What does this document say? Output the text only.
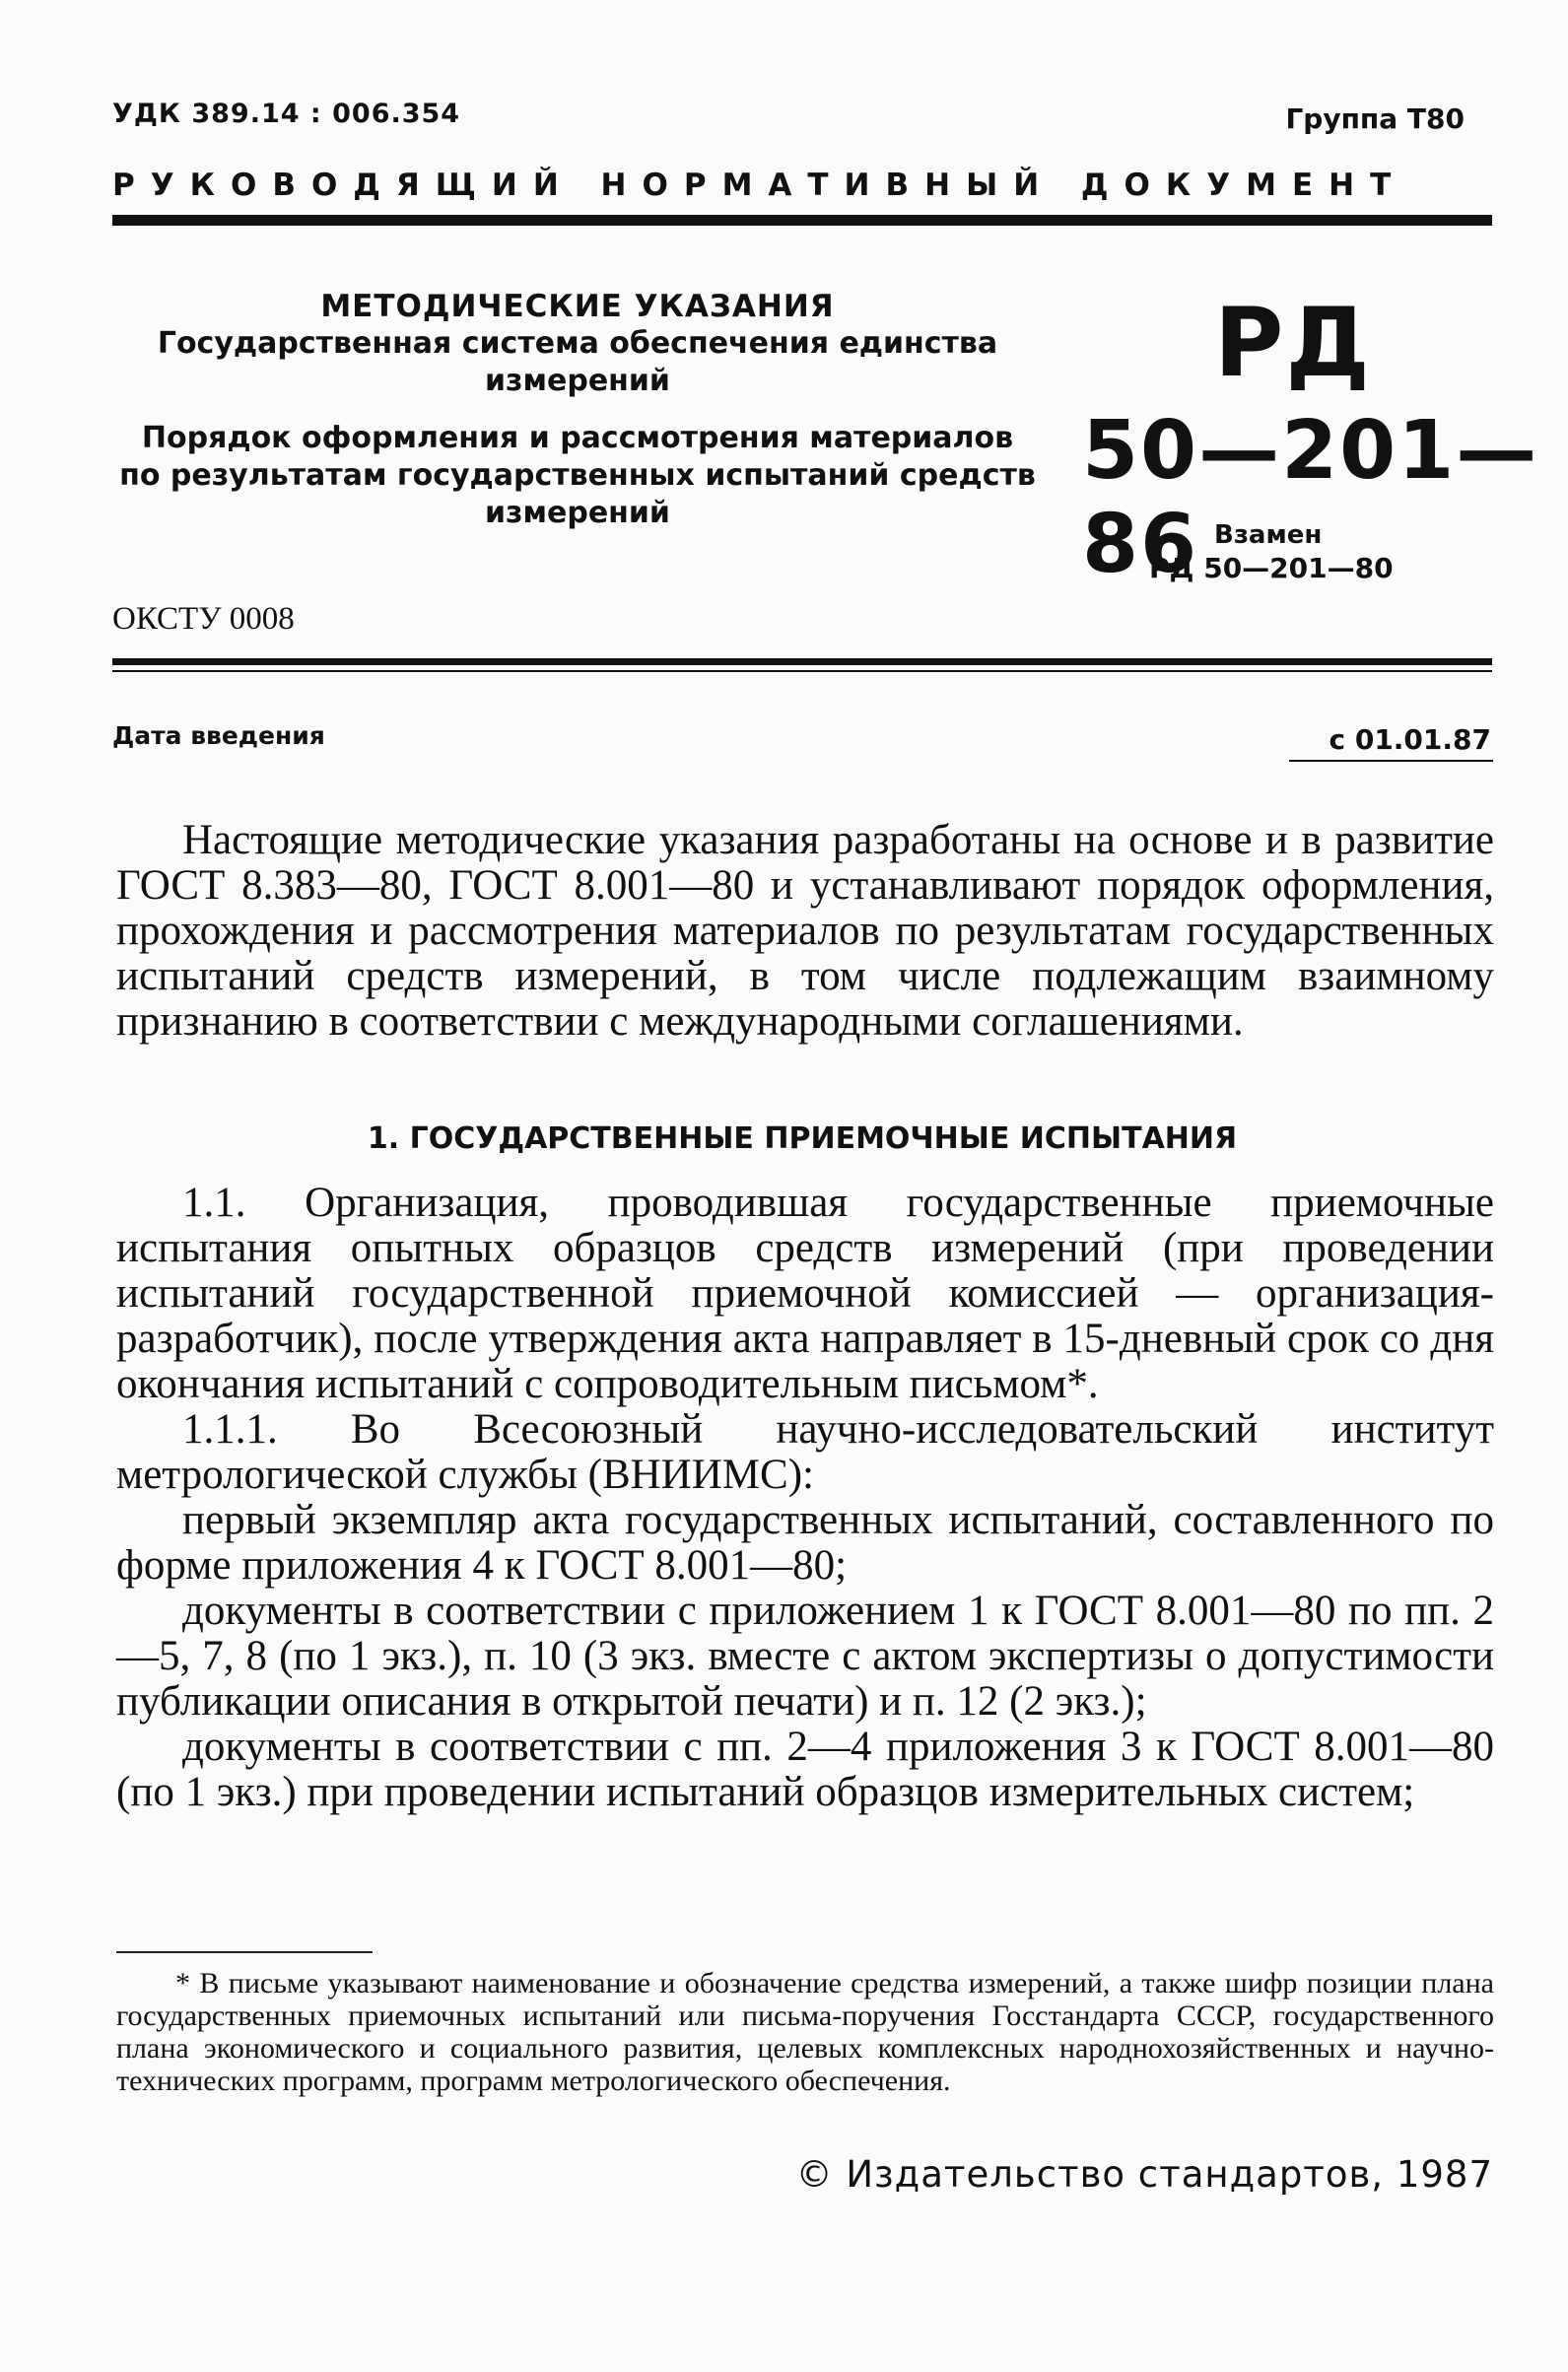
УДК 389.14 : 006.354	Группа Т80
РУКОВОДЯЩИЙ НОРМАТИВНЫЙ ДОКУМЕНТ
МЕТОДИЧЕСКИЕ УКАЗАНИЯ
Государственная система обеспечения единства
измерений
Порядок оформления и рассмотрения материалов
по результатам государственных испытаний средств
измерений
РД
50—201—86 Взамен
РД 50—201—80
ОКСТУ 0008
Дата введения	с 01.01.87

Настоящие методические указания разработаны на основе и в развитие ГОСТ 8.383—80, ГОСТ 8.001—80 и устанавливают порядок оформления, прохождения и рассмотрения материалов по результатам государственных испытаний средств измерений, в том числе подлежащим взаимному признанию в соответствии с международными соглашениями.

1. ГОСУДАРСТВЕННЫЕ ПРИЕМОЧНЫЕ ИСПЫТАНИЯ

1.1. Организация, проводившая государственные приемочные испытания опытных образцов средств измерений (при проведении испытаний государственной приемочной комиссией — организация-разработчик), после утверждения акта направляет в 15-дневный срок со дня окончания испытаний с сопроводительным письмом*.

1.1.1. Во Всесоюзный научно-исследовательский институт метрологической службы (ВНИИМС):

первый экземпляр акта государственных испытаний, составленного по форме приложения 4 к ГОСТ 8.001—80;

документы в соответствии с приложением 1 к ГОСТ 8.001—80 по пп. 2—5, 7, 8 (по 1 экз.), п. 10 (3 экз. вместе с актом экспертизы о допустимости публикации описания в открытой печати) и п. 12 (2 экз.);

документы в соответствии с пп. 2—4 приложения 3 к ГОСТ 8.001—80 (по 1 экз.) при проведении испытаний образцов измерительных систем;

* В письме указывают наименование и обозначение средства измерений, а также шифр позиции плана государственных приемочных испытаний или письма-поручения Госстандарта СССР, государственного плана экономического и социального развития, целевых комплексных народнохозяйственных и научно-технических программ, программ метрологического обеспечения.

© Издательство стандартов, 1987
